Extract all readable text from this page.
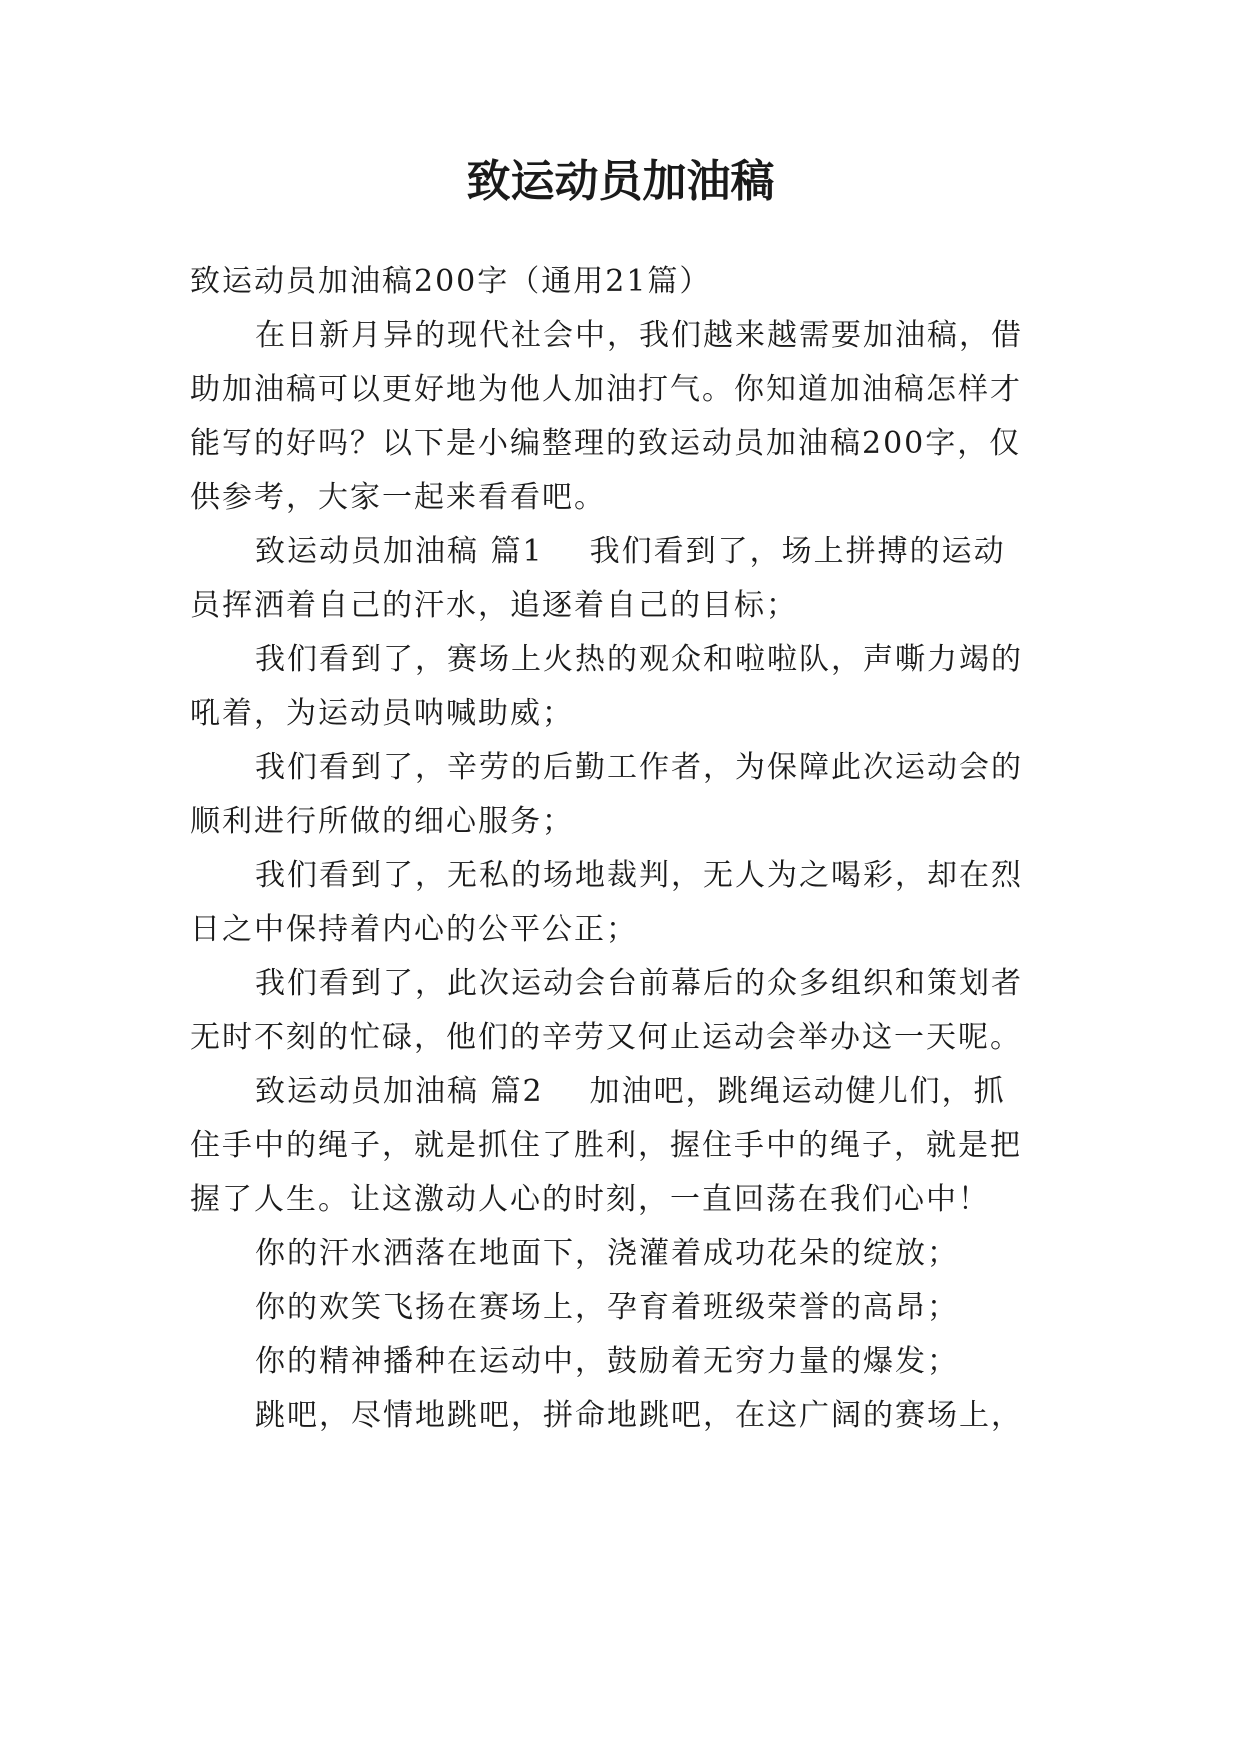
致运动员加油稿

致运动员加油稿200字（通用21篇）

在日新月异的现代社会中，我们越来越需要加油稿，借

助加油稿可以更好地为他人加油打气。你知道加油稿怎样才

能写的好吗？以下是小编整理的致运动员加油稿200字，仅

供参考，大家一起来看看吧。

致运动员加油稿 篇1 我们看到了，场上拼搏的运动

员挥洒着自己的汗水，追逐着自己的目标；

我们看到了，赛场上火热的观众和啦啦队，声嘶力竭的

吼着，为运动员呐喊助威；

我们看到了，辛劳的后勤工作者，为保障此次运动会的

顺利进行所做的细心服务；

我们看到了，无私的场地裁判，无人为之喝彩，却在烈

日之中保持着内心的公平公正；

我们看到了，此次运动会台前幕后的众多组织和策划者

无时不刻的忙碌，他们的辛劳又何止运动会举办这一天呢。

致运动员加油稿 篇2 加油吧，跳绳运动健儿们，抓

住手中的绳子，就是抓住了胜利，握住手中的绳子，就是把

握了人生。让这激动人心的时刻，一直回荡在我们心中！

你的汗水洒落在地面下，浇灌着成功花朵的绽放；

你的欢笑飞扬在赛场上，孕育着班级荣誉的高昂；

你的精神播种在运动中，鼓励着无穷力量的爆发；

跳吧，尽情地跳吧，拼命地跳吧，在这广阔的赛场上，
